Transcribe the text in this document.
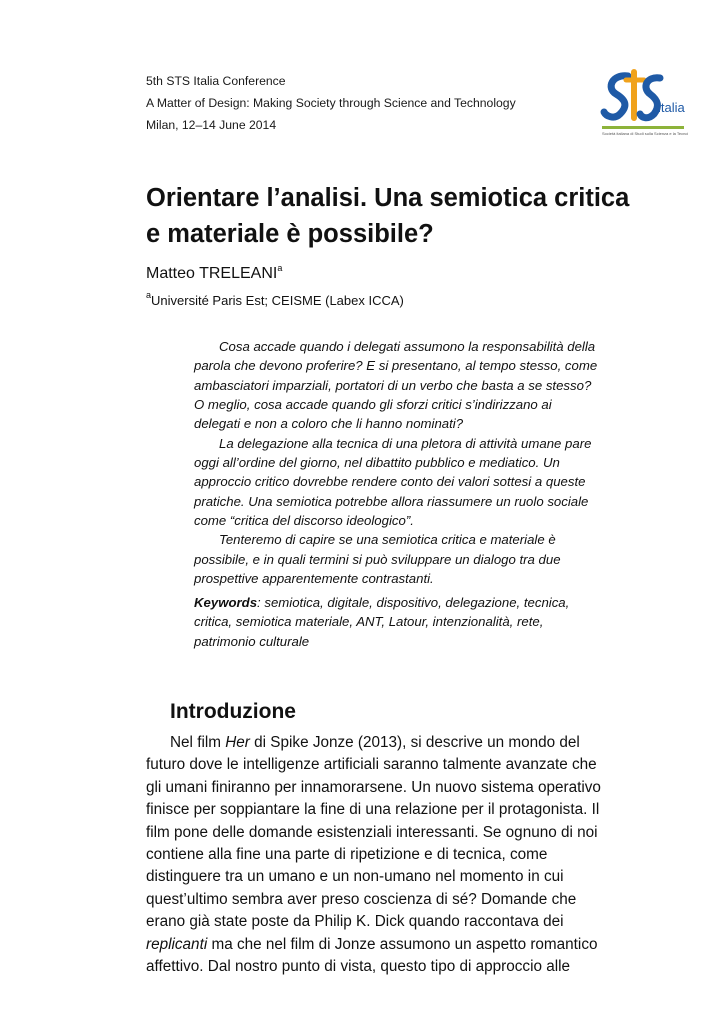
5th STS Italia Conference
A Matter of Design: Making Society through Science and Technology
Milan, 12–14 June 2014
italia
Società italiana di Studi sulla Scienza e la Tecnologia
Orientare l’analisi. Una semiotica critica
e materiale è possibile?
Matteo TRELEANI$^a$
$^a$Université Paris Est; CEISME (Labex ICCA)
Cosa accade quando i delegati assumono la responsabilità della
parola che devono proferire? E si presentano, al tempo stesso, come
ambasciatori imparziali, portatori di un verbo che basta a se stesso?
O meglio, cosa accade quando gli sforzi critici s’indirizzano ai
delegati e non a coloro che li hanno nominati?
La delegazione alla tecnica di una pletora di attività umane pare
oggi all’ordine del giorno, nel dibattito pubblico e mediatico. Un
approccio critico dovrebbe rendere conto dei valori sottesi a queste
pratiche. Una semiotica potrebbe allora riassumere un ruolo sociale
come “critica del discorso ideologico”.
Tenteremo di capire se una semiotica critica e materiale è
possibile, e in quali termini si può sviluppare un dialogo tra due
prospettive apparentemente contrastanti.
Keywords: semiotica, digitale, dispositivo, delegazione, tecnica,
critica, semiotica materiale, ANT, Latour, intenzionalità, rete,
patrimonio culturale
Introduzione
Nel film Her di Spike Jonze (2013), si descrive un mondo del
futuro dove le intelligenze artificiali saranno talmente avanzate che
gli umani finiranno per innamorarsene. Un nuovo sistema operativo
finisce per soppiantare la fine di una relazione per il protagonista. Il
film pone delle domande esistenziali interessanti. Se ognuno di noi
contiene alla fine una parte di ripetizione e di tecnica, come
distinguere tra un umano e un non-umano nel momento in cui
quest’ultimo sembra aver preso coscienza di sé? Domande che
erano già state poste da Philip K. Dick quando raccontava dei
replicanti ma che nel film di Jonze assumono un aspetto romantico
affettivo. Dal nostro punto di vista, questo tipo di approccio alle
